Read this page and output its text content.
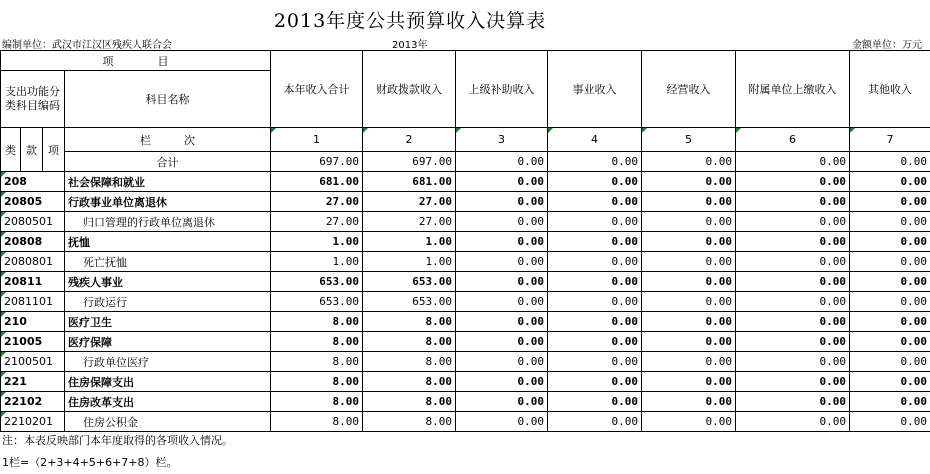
2013年度公共预算收入决算表
编制单位：武汉市江汉区残疾人联合会	2013年	金额单位：万元
项　　　　目				本年收入合计	财政拨款收入	上级补助收入	事业收入	经营收入	附属单位上缴收入	其他收入
支出功能分类科目编码			科目名称							
类	款	项	栏　　　次	1	2	3	4	5	6	7
			合计	697.00	697.00	0.00	0.00	0.00	0.00	0.00
208			社会保障和就业	681.00	681.00	0.00	0.00	0.00	0.00	0.00
20805			行政事业单位离退休	27.00	27.00	0.00	0.00	0.00	0.00	0.00
2080501			归口管理的行政单位离退休	27.00	27.00	0.00	0.00	0.00	0.00	0.00
20808			抚恤	1.00	1.00	0.00	0.00	0.00	0.00	0.00
2080801			死亡抚恤	1.00	1.00	0.00	0.00	0.00	0.00	0.00
20811			残疾人事业	653.00	653.00	0.00	0.00	0.00	0.00	0.00
2081101			行政运行	653.00	653.00	0.00	0.00	0.00	0.00	0.00
210			医疗卫生	8.00	8.00	0.00	0.00	0.00	0.00	0.00
21005			医疗保障	8.00	8.00	0.00	0.00	0.00	0.00	0.00
2100501			行政单位医疗	8.00	8.00	0.00	0.00	0.00	0.00	0.00
221			住房保障支出	8.00	8.00	0.00	0.00	0.00	0.00	0.00
22102			住房改革支出	8.00	8.00	0.00	0.00	0.00	0.00	0.00
2210201			住房公积金	8.00	8.00	0.00	0.00	0.00	0.00	0.00
注：本表反映部门本年度取得的各项收入情况。
1栏=（2+3+4+5+6+7+8）栏。
